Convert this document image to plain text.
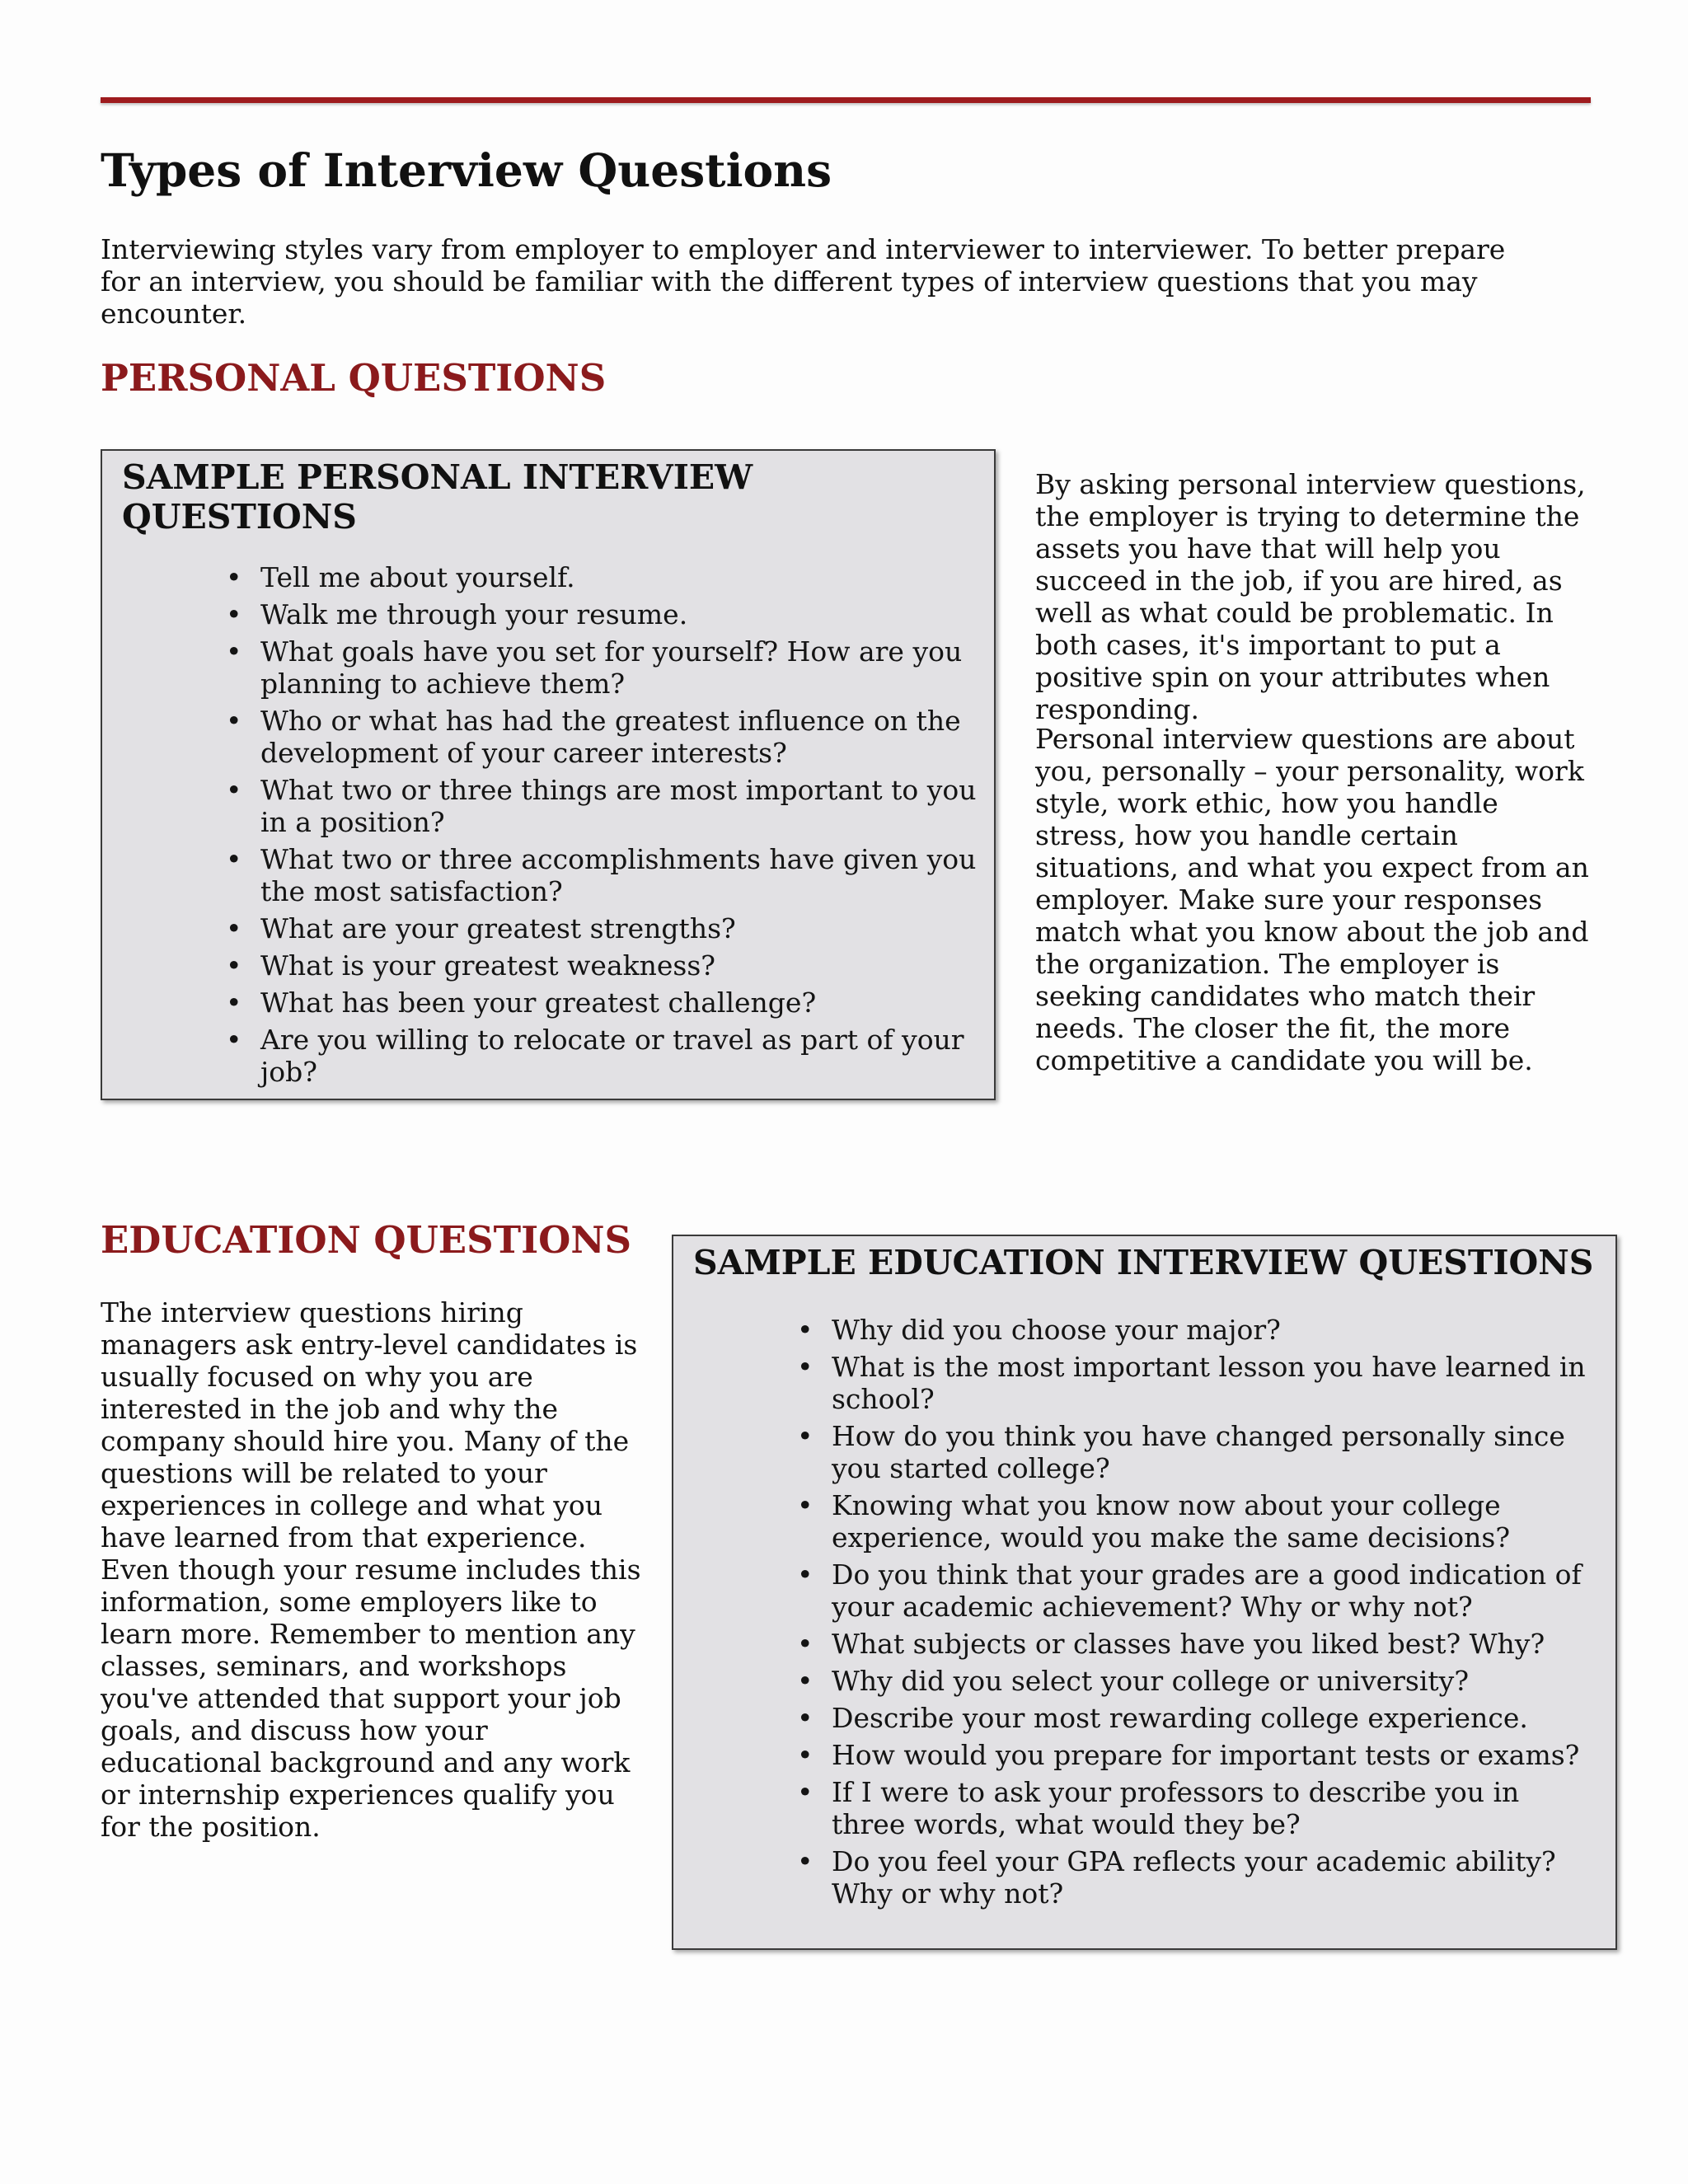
Types of Interview Questions

Interviewing styles vary from employer to employer and interviewer to interviewer. To better prepare for an interview, you should be familiar with the different types of interview questions that you may encounter.

PERSONAL QUESTIONS
SAMPLE PERSONAL INTERVIEW QUESTIONS
• Tell me about yourself.
• Walk me through your resume.
• What goals have you set for yourself? How are you planning to achieve them?
• Who or what has had the greatest influence on the development of your career interests?
• What two or three things are most important to you in a position?
• What two or three accomplishments have given you the most satisfaction?
• What are your greatest strengths?
• What is your greatest weakness?
• What has been your greatest challenge?
• Are you willing to relocate or travel as part of your job?

By asking personal interview questions, the employer is trying to determine the assets you have that will help you succeed in the job, if you are hired, as well as what could be problematic. In both cases, it's important to put a positive spin on your attributes when responding.

Personal interview questions are about you, personally – your personality, work style, work ethic, how you handle stress, how you handle certain situations, and what you expect from an employer. Make sure your responses match what you know about the job and the organization. The employer is seeking candidates who match their needs. The closer the fit, the more competitive a candidate you will be.

EDUCATION QUESTIONS

The interview questions hiring managers ask entry-level candidates is usually focused on why you are interested in the job and why the company should hire you. Many of the questions will be related to your experiences in college and what you have learned from that experience. Even though your resume includes this information, some employers like to learn more. Remember to mention any classes, seminars, and workshops you've attended that support your job goals, and discuss how your educational background and any work or internship experiences qualify you for the position.

SAMPLE EDUCATION INTERVIEW QUESTIONS
• Why did you choose your major?
• What is the most important lesson you have learned in school?
• How do you think you have changed personally since you started college?
• Knowing what you know now about your college experience, would you make the same decisions?
• Do you think that your grades are a good indication of your academic achievement? Why or why not?
• What subjects or classes have you liked best? Why?
• Why did you select your college or university?
• Describe your most rewarding college experience.
• How would you prepare for important tests or exams?
• If I were to ask your professors to describe you in three words, what would they be?
• Do you feel your GPA reflects your academic ability? Why or why not?
